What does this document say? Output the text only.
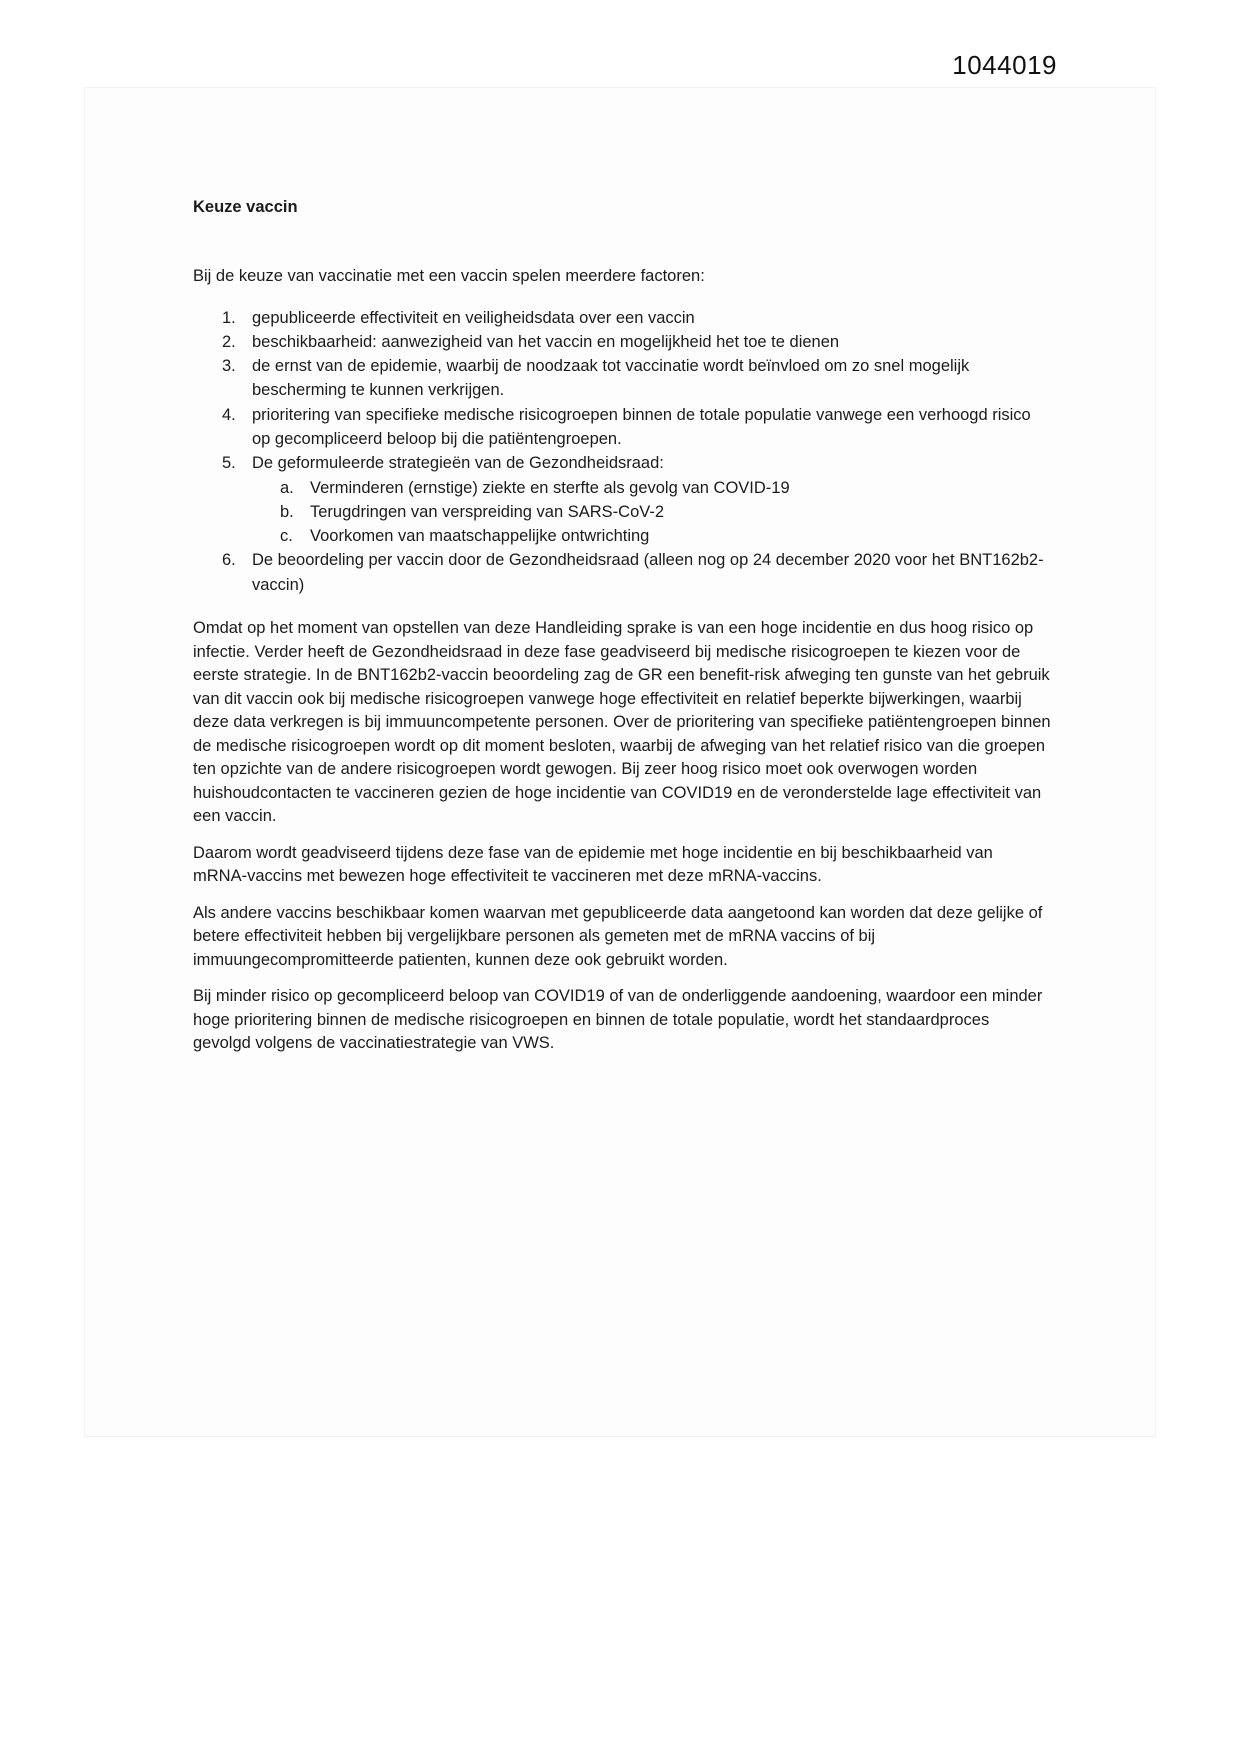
1044019
Keuze vaccin

Bij de keuze van vaccinatie met een vaccin spelen meerdere factoren:

1. gepubliceerde effectiviteit en veiligheidsdata over een vaccin
2. beschikbaarheid: aanwezigheid van het vaccin en mogelijkheid het toe te dienen
3. de ernst van de epidemie, waarbij de noodzaak tot vaccinatie wordt beïnvloed om zo snel mogelijk bescherming te kunnen verkrijgen.
4. prioritering van specifieke medische risicogroepen binnen de totale populatie vanwege een verhoogd risico op gecompliceerd beloop bij die patiëntengroepen.
5. De geformuleerde strategieën van de Gezondheidsraad:
a. Verminderen (ernstige) ziekte en sterfte als gevolg van COVID-19
b. Terugdringen van verspreiding van SARS-CoV-2
c.	Voorkomen van maatschappelijke ontwrichting
6. De beoordeling per vaccin door de Gezondheidsraad (alleen nog op 24 december 2020 voor het BNT162b2-vaccin)

Omdat op het moment van opstellen van deze Handleiding sprake is van een hoge incidentie en dus hoog risico op infectie. Verder heeft de Gezondheidsraad in deze fase geadviseerd bij medische risicogroepen te kiezen voor de eerste strategie. In de BNT162b2-vaccin beoordeling zag de GR een benefit-risk afweging ten gunste van het gebruik van dit vaccin ook bij medische risicogroepen vanwege hoge effectiviteit en relatief beperkte bijwerkingen, waarbij deze data verkregen is bij immuuncompetente personen. Over de prioritering van specifieke patiëntengroepen binnen de medische risicogroepen wordt op dit moment besloten, waarbij de afweging van het relatief risico van die groepen ten opzichte van de andere risicogroepen wordt gewogen. Bij zeer hoog risico moet ook overwogen worden huishoudcontacten te vaccineren gezien de hoge incidentie van COVID19 en de veronderstelde lage effectiviteit van een vaccin.

Daarom wordt geadviseerd tijdens deze fase van de epidemie met hoge incidentie en bij beschikbaarheid van mRNA-vaccins met bewezen hoge effectiviteit te vaccineren met deze mRNA-vaccins.

Als andere vaccins beschikbaar komen waarvan met gepubliceerde data aangetoond kan worden dat deze gelijke of betere effectiviteit hebben bij vergelijkbare personen als gemeten met de mRNA vaccins of bij immuungecompromitteerde patienten, kunnen deze ook gebruikt worden.

Bij minder risico op gecompliceerd beloop van COVID19 of van de onderliggende aandoening, waardoor een minder hoge prioritering binnen de medische risicogroepen en binnen de totale populatie, wordt het standaardproces gevolgd volgens de vaccinatiestrategie van VWS.
